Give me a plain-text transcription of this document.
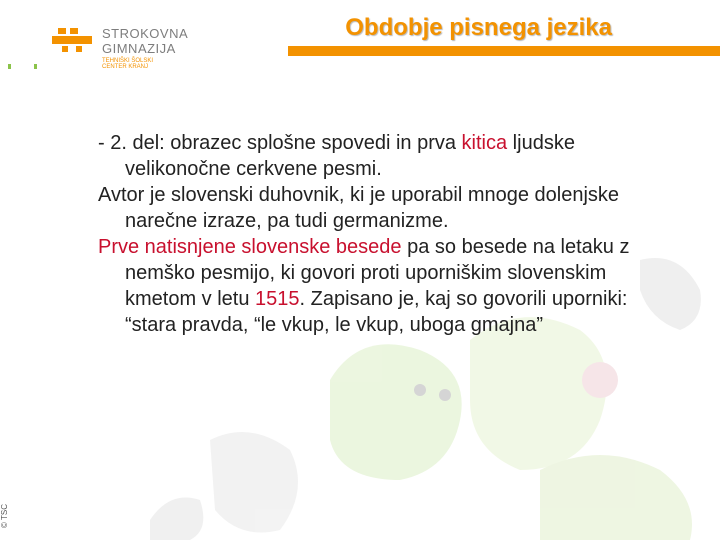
STROKOVNA
GIMNAZIJA
TEHNIŠKI ŠOLSKI
CENTER KRANJ
Obdobje pisnega jezika
© TSC

- 2. del: obrazec splošne spovedi in prva kitica ljudske velikonočne cerkvene pesmi.

Avtor je slovenski duhovnik, ki je uporabil mnoge dolenjske narečne izraze, pa tudi germanizme.

Prve natisnjene slovenske besede pa so besede na letaku z nemško pesmijo, ki govori proti uporniškim slovenskim kmetom v letu 1515. Zapisano je, kaj so govorili uporniki: “stara pravda, “le vkup, le vkup, uboga gmajna”
